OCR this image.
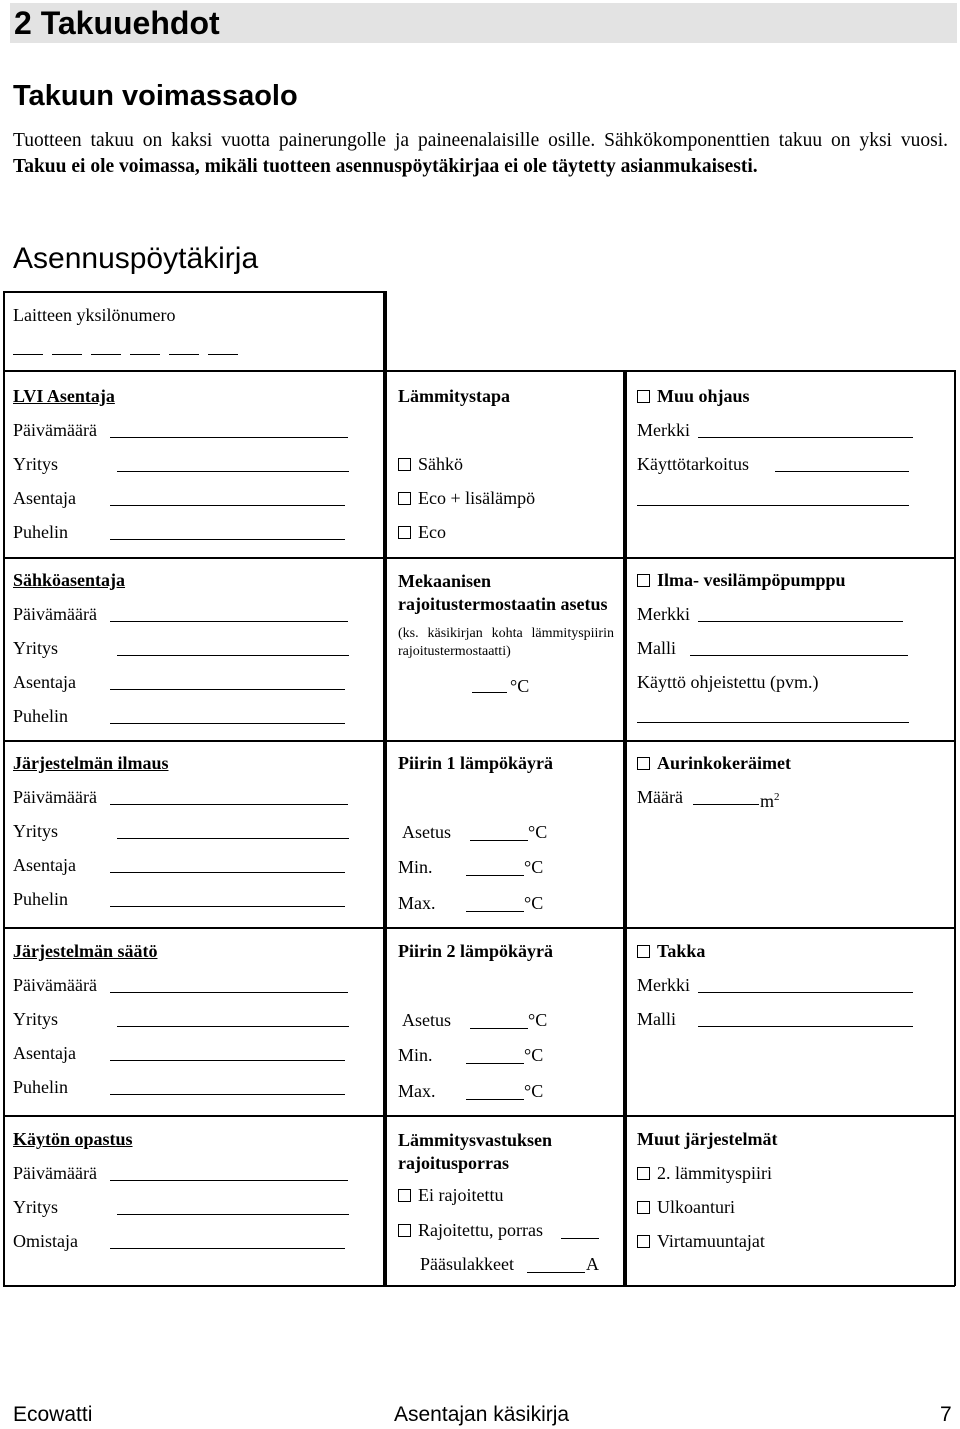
2 Takuuehdot
Takuun voimassaolo
Tuotteen takuu on kaksi vuotta painerungolle ja paineenalaisille osille. Sähkökomponenttien takuu on yksi vuosi. Takuu ei ole voimassa, mikäli tuotteen asennuspöytäkirjaa ei ole täytetty asianmukaisesti.
Asennuspöytäkirja
Laitteen yksilönumero
LVI Asentaja
Päivämäärä
Yritys
Asentaja
Puhelin
Sähköasentaja
Päivämäärä
Yritys
Asentaja
Puhelin
Järjestelmän ilmaus
Päivämäärä
Yritys
Asentaja
Puhelin
Järjestelmän säätö
Päivämäärä
Yritys
Asentaja
Puhelin
Käytön opastus
Päivämäärä
Yritys
Omistaja
Lämmitystapa
Sähkö
Eco + lisälämpö
Eco
Mekaanisen rajoitustermostaatin asetus
(ks. käsikirjan kohta lämmityspiirin rajoitustermostaatti)
°C
Piirin 1 lämpökäyrä
Asetus	°C
Min.	°C
Max.	°C
Piirin 2 lämpökäyrä
Asetus	°C
Min.	°C
Max.	°C
Lämmitysvastuksen rajoitusporras
Ei rajoitettu
Rajoitettu, porras
Pääsulakkeet	A
Muu ohjaus
Merkki
Käyttötarkoitus
Ilma- vesilämpöpumppu
Merkki
Malli
Käyttö ohjeistettu (pvm.)
Aurinkokeräimet
Määrä	$m^2$
Takka
Merkki
Malli
Muut järjestelmät
2. lämmityspiiri
Ulkoanturi
Virtamuuntajat
Ecowatti	Asentajan käsikirja	7
